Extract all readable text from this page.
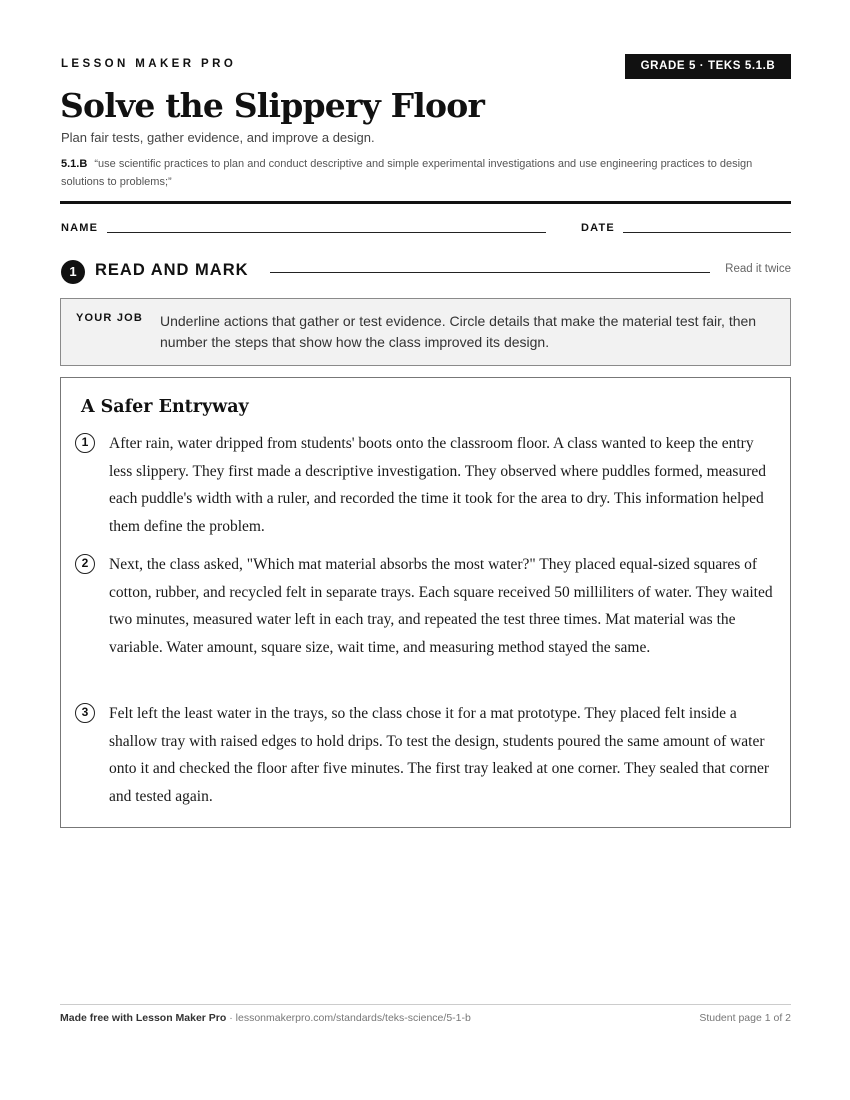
LESSON MAKER PRO	GRADE 5 · TEKS 5.1.B
Solve the Slippery Floor
Plan fair tests, gather evidence, and improve a design.
5.1.B “use scientific practices to plan and conduct descriptive and simple experimental investigations and use engineering practices to design solutions to problems;”
NAME	DATE
1	READ AND MARK	Read it twice
YOUR JOB Underline actions that gather or test evidence. Circle details that make the material test fair, then number the steps that show how the class improved its design.
A Safer Entryway
1	After rain, water dripped from students' boots onto the classroom floor. A class wanted to keep the entry less slippery. They first made a descriptive investigation. They observed where puddles formed, measured each puddle's width with a ruler, and recorded the time it took for the area to dry. This information helped them define the problem.
2	Next, the class asked, "Which mat material absorbs the most water?" They placed equal-sized squares of cotton, rubber, and recycled felt in separate trays. Each square received 50 milliliters of water. They waited two minutes, measured water left in each tray, and repeated the test three times. Mat material was the variable. Water amount, square size, wait time, and measuring method stayed the same.
3	Felt left the least water in the trays, so the class chose it for a mat prototype. They placed felt inside a shallow tray with raised edges to hold drips. To test the design, students poured the same amount of water onto it and checked the floor after five minutes. The first tray leaked at one corner. They sealed that corner and tested again.
Made free with Lesson Maker Pro · lessonmakerpro.com/standards/teks-science/5-1-b	Student page 1 of 2
